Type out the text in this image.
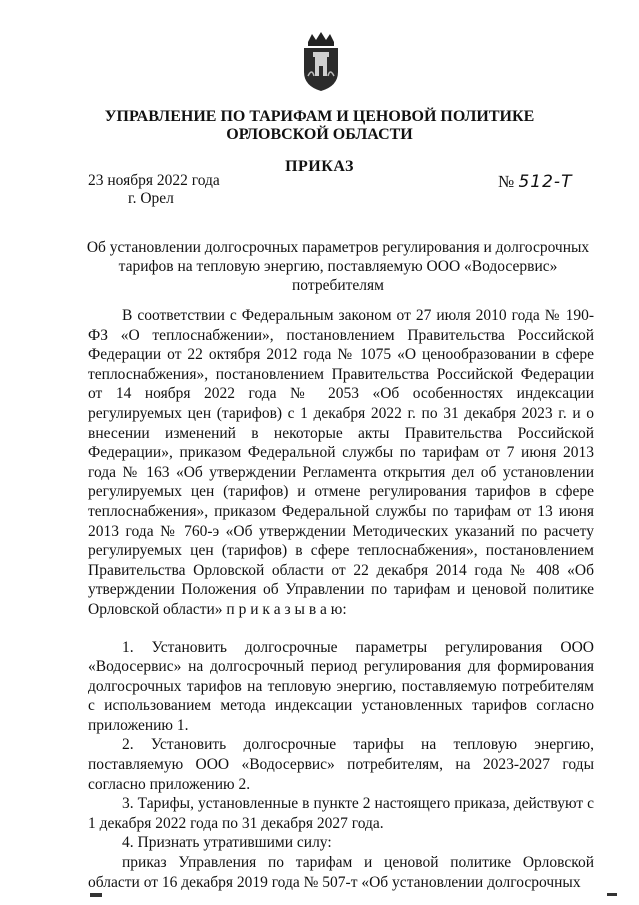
УПРАВЛЕНИЕ ПО ТАРИФАМ И ЦЕНОВОЙ ПОЛИТИКЕ
ОРЛОВСКОЙ ОБЛАСТИ
ПРИКАЗ
23 ноября 2022 года
г. Орел
№ 512-Т
Об установлении долгосрочных параметров регулирования и долгосрочных
тарифов на тепловую энергию, поставляемую ООО «Водосервис»
потребителям

В соответствии с Федеральным законом от 27 июля 2010 года № 190-ФЗ «О теплоснабжении», постановлением Правительства Российской Федерации от 22 октября 2012 года № 1075 «О ценообразовании в сфере теплоснабжения», постановлением Правительства Российской Федерации от 14 ноября 2022 года № 2053 «Об особенностях индексации регулируемых цен (тарифов) с 1 декабря 2022 г. по 31 декабря 2023 г. и о внесении изменений в некоторые акты Правительства Российской Федерации», приказом Федеральной службы по тарифам от 7 июня 2013 года № 163 «Об утверждении Регламента открытия дел об установлении регулируемых цен (тарифов) и отмене регулирования тарифов в сфере теплоснабжения», приказом Федеральной службы по тарифам от 13 июня 2013 года № 760-э «Об утверждении Методических указаний по расчету регулируемых цен (тарифов) в сфере теплоснабжения», постановлением Правительства Орловской области от 22 декабря 2014 года № 408 «Об утверждении Положения об Управлении по тарифам и ценовой политике Орловской области» п р и к а з ы в а ю:

1. Установить долгосрочные параметры регулирования ООО «Водосервис» на долгосрочный период регулирования для формирования долгосрочных тарифов на тепловую энергию, поставляемую потребителям с использованием метода индексации установленных тарифов согласно приложению 1.

2. Установить долгосрочные тарифы на тепловую энергию, поставляемую ООО «Водосервис» потребителям, на 2023-2027 годы согласно приложению 2.

3. Тарифы, установленные в пункте 2 настоящего приказа, действуют с 1 декабря 2022 года по 31 декабря 2027 года.

4. Признать утратившими силу:

приказ Управления по тарифам и ценовой политике Орловской области от 16 декабря 2019 года № 507-т «Об установлении долгосрочных
